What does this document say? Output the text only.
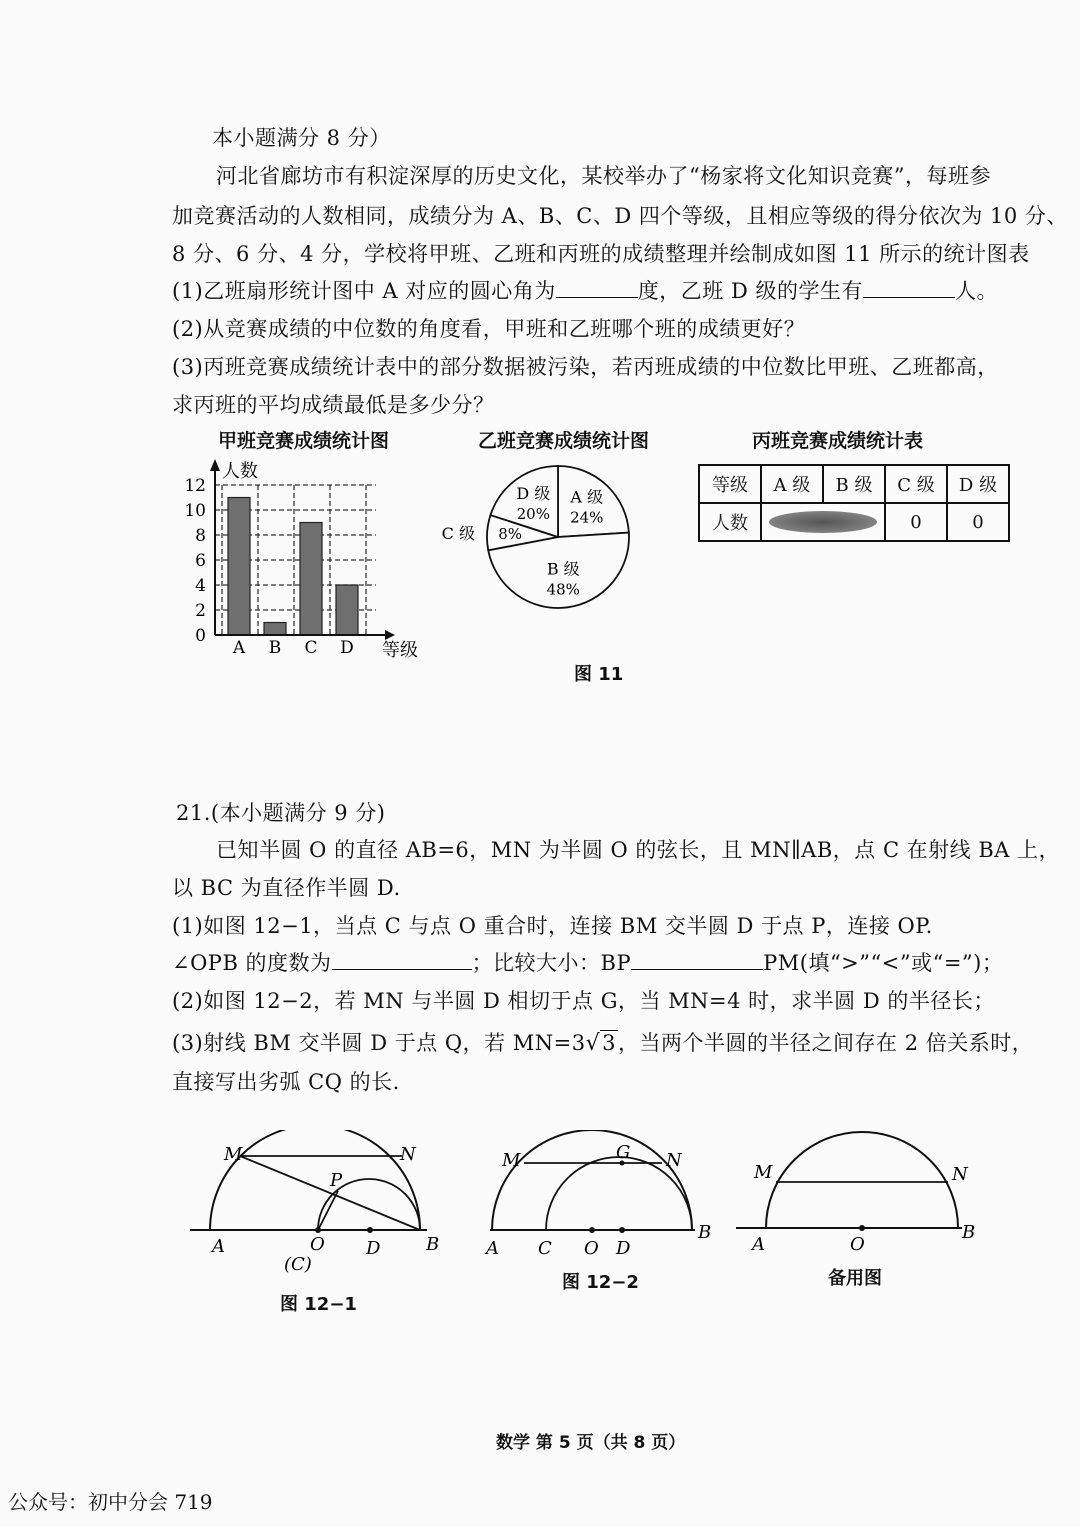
本小题满分 8 分）
河北省廊坊市有积淀深厚的历史文化，某校举办了“杨家将文化知识竞赛”，每班参
加竞赛活动的人数相同，成绩分为 A、B、C、D 四个等级，且相应等级的得分依次为 10 分、
8 分、6 分、4 分，学校将甲班、乙班和丙班的成绩整理并绘制成如图 11 所示的统计图表
(1)乙班扇形统计图中 A 对应的圆心角为	度，乙班 D 级的学生有	人。
(2)从竞赛成绩的中位数的角度看，甲班和乙班哪个班的成绩更好？
(3)丙班竞赛成绩统计表中的部分数据被污染，若丙班成绩的中位数比甲班、乙班都高，
求丙班的平均成绩最低是多少分？
甲班竞赛成绩统计图	乙班竞赛成绩统计图	丙班竞赛成绩统计表
0
2
4
6
8
10
12
A B C D
人数
等级
A 级
24%
B 级
48%
8%
C 级
D 级
20%
等级	A 级	B 级	C 级	D 级
人数			0	0
图 11
21.(本小题满分 9 分)
已知半圆 O 的直径 AB=6，MN 为半圆 O 的弦长，且 MN∥AB，点 C 在射线 BA 上，
以 BC 为直径作半圆 D.
(1)如图 12−1，当点 C 与点 O 重合时，连接 BM 交半圆 D 于点 P，连接 OP.
∠OPB 的度数为	；比较大小：BP	PM(填“>”“<”或“=”)；
(2)如图 12−2，若 MN 与半圆 D 相切于点 G，当 MN=4 时，求半圆 D 的半径长；
(3)射线 BM 交半圆 D 于点 Q，若 MN=3√3，当两个半圆的半径之间存在 2 倍关系时，
直接写出劣弧 CQ 的长.
M	N
P
A	O
(C)
D	B
图 12−1
M	G N
A C O D
B
图 12−2
M	N
A	O
B
备用图
数学 第 5 页（共 8 页）
公众号：初中分会 719
